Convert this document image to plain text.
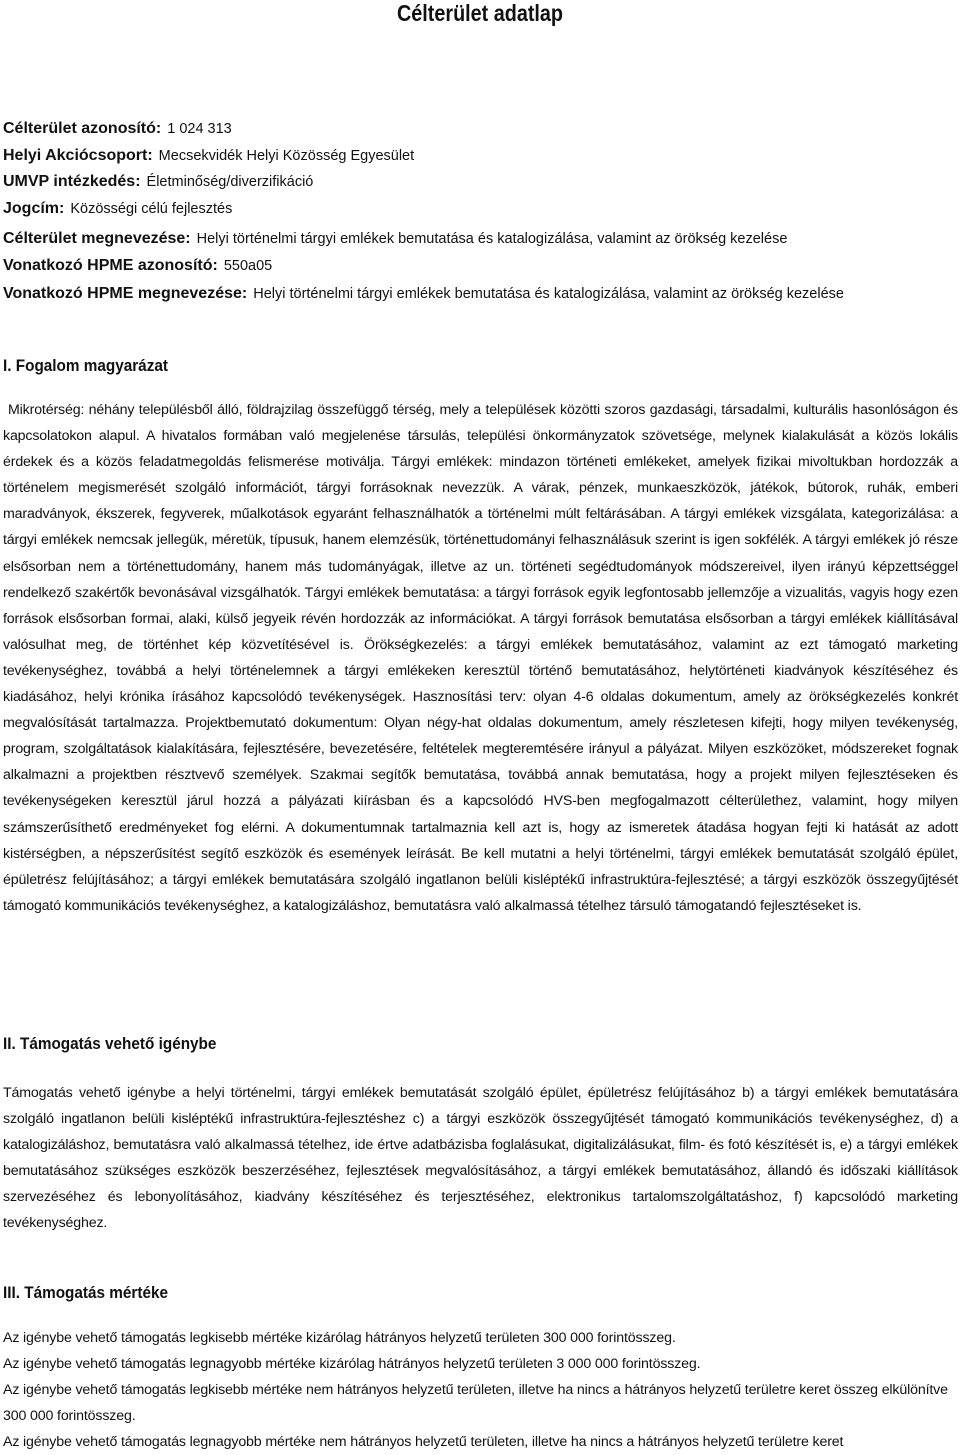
Célterület adatlap
Célterület azonosító: 1 024 313
Helyi Akciócsoport: Mecsekvidék Helyi Közösség Egyesület
UMVP intézkedés: Életminőség/diverzifikáció
Jogcím: Közösségi célú fejlesztés
Célterület megnevezése: Helyi történelmi tárgyi emlékek bemutatása és katalogizálása, valamint az örökség kezelése
Vonatkozó HPME azonosító: 550a05
Vonatkozó HPME megnevezése: Helyi történelmi tárgyi emlékek bemutatása és katalogizálása, valamint az örökség kezelése
I. Fogalom magyarázat
Mikrotérség: néhány településből álló, földrajzilag összefüggő térség, mely a települések közötti szoros gazdasági, társadalmi, kulturális hasonlóságon és kapcsolatokon alapul. A hivatalos formában való megjelenése társulás, települési önkormányzatok szövetsége, melynek kialakulását a közös lokális érdekek és a közös feladatmegoldás felismerése motiválja. Tárgyi emlékek: mindazon történeti emlékeket, amelyek fizikai mivoltukban hordozzák a történelem megismerését szolgáló információt, tárgyi forrásoknak nevezzük. A várak, pénzek, munkaeszközök, játékok, bútorok, ruhák, emberi maradványok, ékszerek, fegyverek, műalkotások egyaránt felhasználhatók a történelmi múlt feltárásában. A tárgyi emlékek vizsgálata, kategorizálása: a tárgyi emlékek nemcsak jellegük, méretük, típusuk, hanem elemzésük, történettudományi felhasználásuk szerint is igen sokfélék. A tárgyi emlékek jó része elsősorban nem a történettudomány, hanem más tudományágak, illetve az un. történeti segédtudományok módszereivel, ilyen irányú képzettséggel rendelkező szakértők bevonásával vizsgálhatók. Tárgyi emlékek bemutatása: a tárgyi források egyik legfontosabb jellemzője a vizualitás, vagyis hogy ezen források elsősorban formai, alaki, külső jegyeik révén hordozzák az információkat. A tárgyi források bemutatása elsősorban a tárgyi emlékek kiállításával valósulhat meg, de történhet kép közvetítésével is. Örökségkezelés: a tárgyi emlékek bemutatásához, valamint az ezt támogató marketing tevékenységhez, továbbá a helyi történelemnek a tárgyi emlékeken keresztül történő bemutatásához, helytörténeti kiadványok készítéséhez és kiadásához, helyi krónika írásához kapcsolódó tevékenységek. Hasznosítási terv: olyan 4-6 oldalas dokumentum, amely az örökségkezelés konkrét megvalósítását tartalmazza. Projektbemutató dokumentum: Olyan négy-hat oldalas dokumentum, amely részletesen kifejti, hogy milyen tevékenység, program, szolgáltatások kialakítására, fejlesztésére, bevezetésére, feltételek megteremtésére irányul a pályázat. Milyen eszközöket, módszereket fognak alkalmazni a projektben résztvevő személyek. Szakmai segítők bemutatása, továbbá annak bemutatása, hogy a projekt milyen fejlesztéseken és tevékenységeken keresztül járul hozzá a pályázati kiírásban és a kapcsolódó HVS-ben megfogalmazott célterülethez, valamint, hogy milyen számszerűsíthető eredményeket fog elérni. A dokumentumnak tartalmaznia kell azt is, hogy az ismeretek átadása hogyan fejti ki hatását az adott kistérségben, a népszerűsítést segítő eszközök és események leírását. Be kell mutatni a helyi történelmi, tárgyi emlékek bemutatását szolgáló épület, épületrész felújításához; a tárgyi emlékek bemutatására szolgáló ingatlanon belüli kisléptékű infrastruktúra-fejlesztésé; a tárgyi eszközök összegyűjtését támogató kommunikációs tevékenységhez, a katalogizáláshoz, bemutatásra való alkalmassá tételhez társuló támogatandó fejlesztéseket is.
II. Támogatás vehető igénybe
Támogatás vehető igénybe a helyi történelmi, tárgyi emlékek bemutatását szolgáló épület, épületrész felújításához b) a tárgyi emlékek bemutatására szolgáló ingatlanon belüli kisléptékű infrastruktúra-fejlesztéshez c) a tárgyi eszközök összegyűjtését támogató kommunikációs tevékenységhez, d) a katalogizáláshoz, bemutatásra való alkalmassá tételhez, ide értve adatbázisba foglalásukat, digitalizálásukat, film- és fotó készítését is, e) a tárgyi emlékek bemutatásához szükséges eszközök beszerzéséhez, fejlesztések megvalósításához, a tárgyi emlékek bemutatásához, állandó és időszaki kiállítások szervezéséhez és lebonyolításához, kiadvány készítéséhez és terjesztéséhez, elektronikus tartalomszolgáltatáshoz, f) kapcsolódó marketing tevékenységhez.
III. Támogatás mértéke
Az igénybe vehető támogatás legkisebb mértéke kizárólag hátrányos helyzetű területen 300 000 forintösszeg.
Az igénybe vehető támogatás legnagyobb mértéke kizárólag hátrányos helyzetű területen 3 000 000 forintösszeg.
Az igénybe vehető támogatás legkisebb mértéke nem hátrányos helyzetű területen, illetve ha nincs a hátrányos helyzetű területre keret összeg elkülönítve 300 000 forintösszeg.
Az igénybe vehető támogatás legnagyobb mértéke nem hátrányos helyzetű területen, illetve ha nincs a hátrányos helyzetű területre keret
